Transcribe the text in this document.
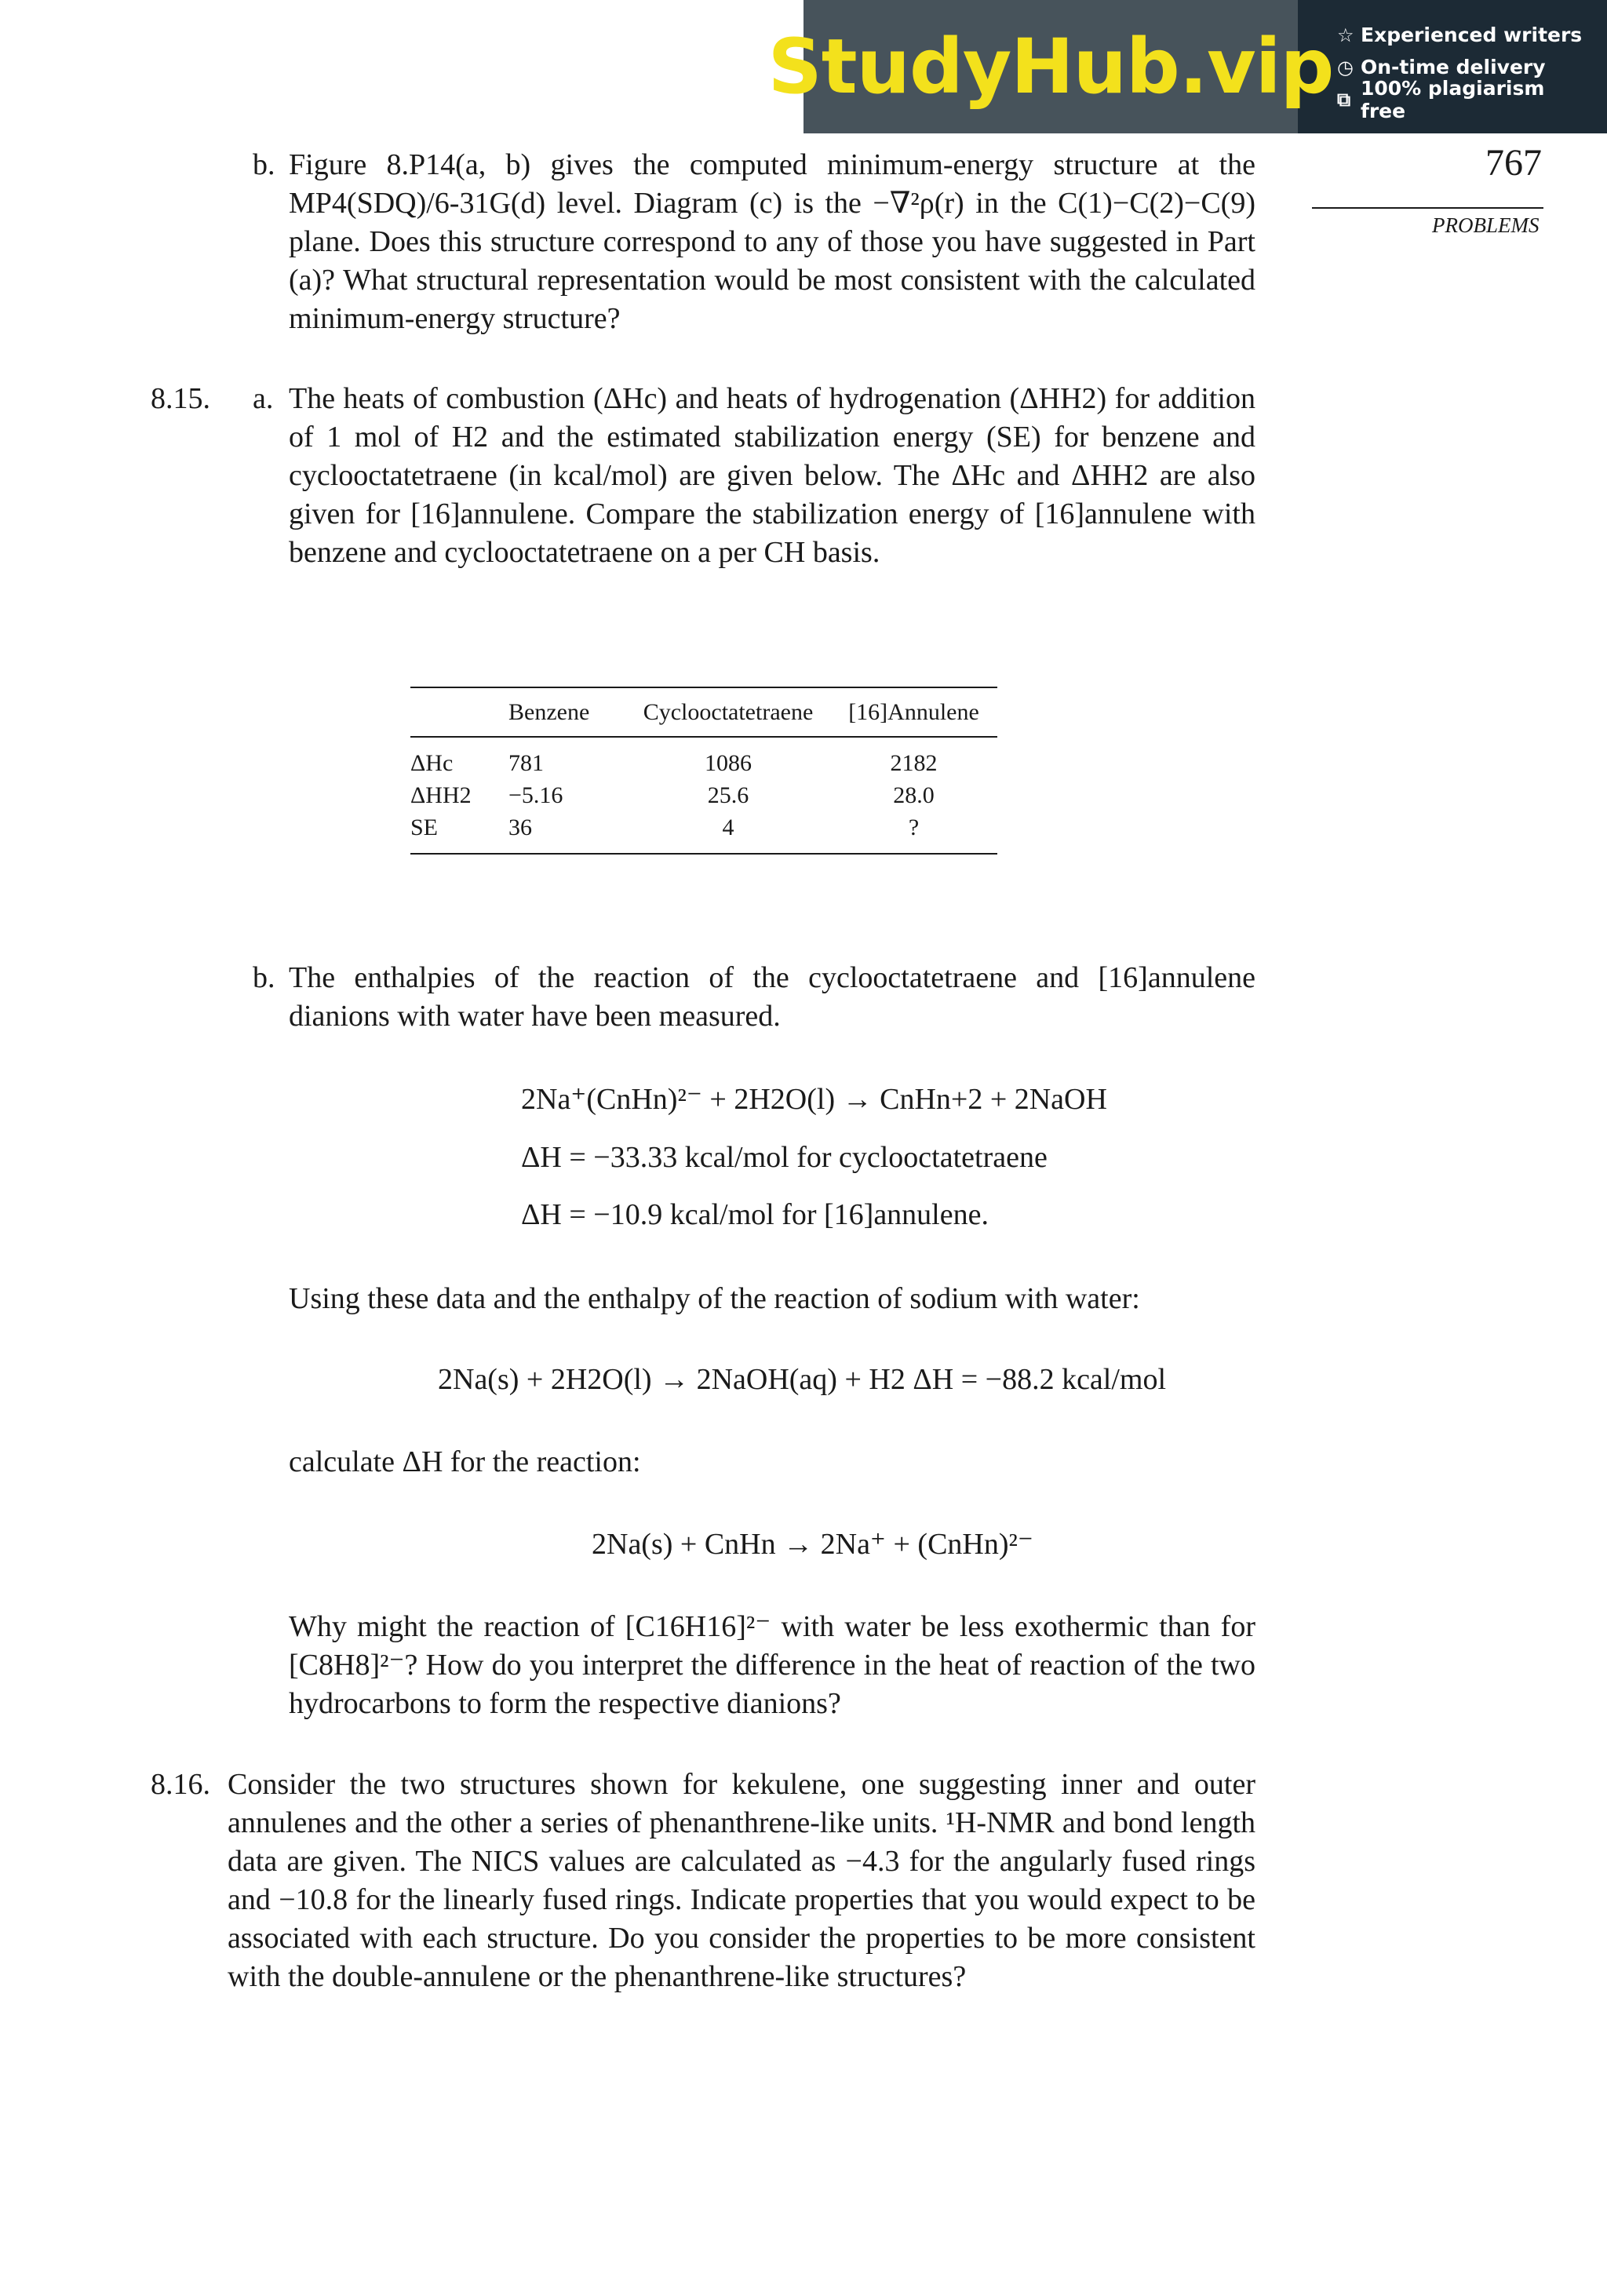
StudyHub.vip ☆ Experienced writers
◷ On-time delivery
⧉ 100% plagiarism free
767
PROBLEMS
b. Figure 8.P14(a, b) gives the computed minimum-energy structure at the MP4(SDQ)/6-31G(d) level. Diagram (c) is the −∇²ρ(r) in the C(1)−C(2)−C(9) plane. Does this structure correspond to any of those you have suggested in Part (a)? What structural representation would be most consistent with the calculated minimum-energy structure?
8.15. a. The heats of combustion (ΔHc) and heats of hydrogenation (ΔHH2) for addition of 1 mol of H2 and the estimated stabilization energy (SE) for benzene and cyclooctatetraene (in kcal/mol) are given below. The ΔHc and ΔHH2 are also given for [16]annulene. Compare the stabilization energy of [16]annulene with benzene and cyclooctatetraene on a per CH basis.
	Benzene	Cyclooctatetraene	[16]Annulene
ΔHc	781	1086	2182
ΔHH2	−5.16	25.6	28.0
SE	36	4	?
b. The enthalpies of the reaction of the cyclooctatetraene and [16]annulene dianions with water have been measured.
2Na⁺(CnHn)²⁻ + 2H2O(l) → CnHn+2 + 2NaOH
ΔH = −33.33 kcal/mol for cyclooctatetraene
ΔH = −10.9 kcal/mol for [16]annulene.
Using these data and the enthalpy of the reaction of sodium with water:
2Na(s) + 2H2O(l) → 2NaOH(aq) + H2 ΔH = −88.2 kcal/mol
calculate ΔH for the reaction:
2Na(s) + CnHn → 2Na⁺ + (CnHn)²⁻
Why might the reaction of [C16H16]²⁻ with water be less exothermic than for [C8H8]²⁻? How do you interpret the difference in the heat of reaction of the two hydrocarbons to form the respective dianions?
8.16. Consider the two structures shown for kekulene, one suggesting inner and outer annulenes and the other a series of phenanthrene-like units. ¹H-NMR and bond length data are given. The NICS values are calculated as −4.3 for the angularly fused rings and −10.8 for the linearly fused rings. Indicate properties that you would expect to be associated with each structure. Do you consider the properties to be more consistent with the double-annulene or the phenanthrene-like structures?
